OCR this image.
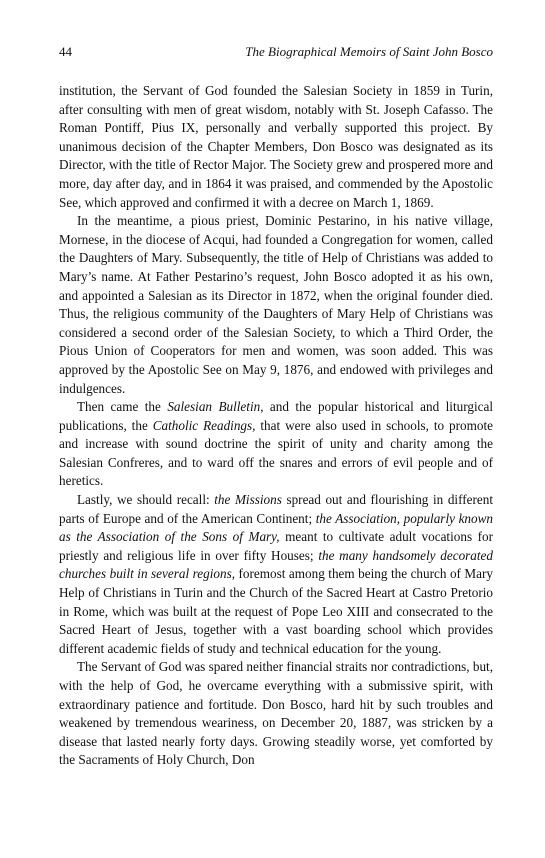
44	The Biographical Memoirs of Saint John Bosco

institution, the Servant of God founded the Salesian Society in 1859 in Turin, after consulting with men of great wisdom, notably with St. Joseph Cafasso. The Roman Pontiff, Pius IX, personally and verbally supported this project. By unanimous decision of the Chapter Members, Don Bosco was designated as its Director, with the title of Rector Major. The Society grew and prospered more and more, day after day, and in 1864 it was praised, and commended by the Apostolic See, which approved and confirmed it with a decree on March 1, 1869.

In the meantime, a pious priest, Dominic Pestarino, in his native village, Mornese, in the diocese of Acqui, had founded a Congregation for women, called the Daughters of Mary. Subsequently, the title of Help of Christians was added to Mary’s name. At Father Pestarino’s request, John Bosco adopted it as his own, and appointed a Salesian as its Director in 1872, when the original founder died. Thus, the religious community of the Daughters of Mary Help of Christians was considered a second order of the Salesian Society, to which a Third Order, the Pious Union of Cooperators for men and women, was soon added. This was approved by the Apostolic See on May 9, 1876, and endowed with privileges and indulgences.

Then came the Salesian Bulletin, and the popular historical and liturgical publications, the Catholic Readings, that were also used in schools, to promote and increase with sound doctrine the spirit of unity and charity among the Salesian Confreres, and to ward off the snares and errors of evil people and of heretics.

Lastly, we should recall: the Missions spread out and flourishing in different parts of Europe and of the American Continent; the Association, popularly known as the Association of the Sons of Mary, meant to cultivate adult vocations for priestly and religious life in over fifty Houses; the many handsomely decorated churches built in several regions, foremost among them being the church of Mary Help of Christians in Turin and the Church of the Sacred Heart at Castro Pretorio in Rome, which was built at the request of Pope Leo XIII and consecrated to the Sacred Heart of Jesus, together with a vast boarding school which provides different academic fields of study and technical education for the young.

The Servant of God was spared neither financial straits nor contradictions, but, with the help of God, he overcame everything with a submissive spirit, with extraordinary patience and fortitude. Don Bosco, hard hit by such troubles and weakened by tremendous weariness, on December 20, 1887, was stricken by a disease that lasted nearly forty days. Growing steadily worse, yet comforted by the Sacraments of Holy Church, Don
